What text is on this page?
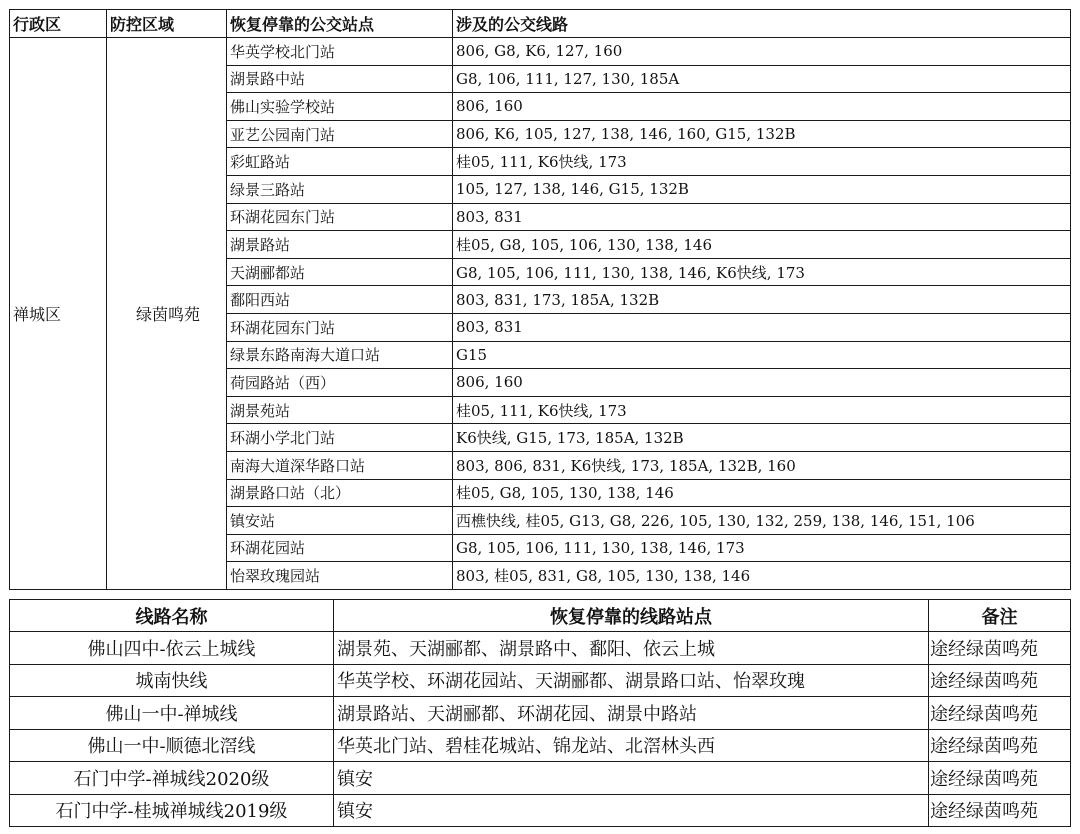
行政区	防控区域	恢复停靠的公交站点	涉及的公交线路
禅城区	绿茵鸣苑	华英学校北门站	806, G8, K6, 127, 160
		湖景路中站	G8, 106, 111, 127, 130, 185A
		佛山实验学校站	806, 160
		亚艺公园南门站	806, K6, 105, 127, 138, 146, 160, G15, 132B
		彩虹路站	桂05, 111, K6快线, 173
		绿景三路站	105, 127, 138, 146, G15, 132B
		环湖花园东门站	803, 831
		湖景路站	桂05, G8, 105, 106, 130, 138, 146
		天湖郦都站	G8, 105, 106, 111, 130, 138, 146, K6快线, 173
		鄱阳西站	803, 831, 173, 185A, 132B
		环湖花园东门站	803, 831
		绿景东路南海大道口站	G15
		荷园路站（西）	806, 160
		湖景苑站	桂05, 111, K6快线, 173
		环湖小学北门站	K6快线, G15, 173, 185A, 132B
		南海大道深华路口站	803, 806, 831, K6快线, 173, 185A, 132B, 160
		湖景路口站（北）	桂05, G8, 105, 130, 138, 146
		镇安站	西樵快线, 桂05, G13, G8, 226, 105, 130, 132, 259, 138, 146, 151, 106
		环湖花园站	G8, 105, 106, 111, 130, 138, 146, 173
		怡翠玫瑰园站	803, 桂05, 831, G8, 105, 130, 138, 146
线路名称	恢复停靠的线路站点	备注
佛山四中-依云上城线	湖景苑、天湖郦都、湖景路中、鄱阳、依云上城	途经绿茵鸣苑
城南快线	华英学校、环湖花园站、天湖郦都、湖景路口站、怡翠玫瑰	途经绿茵鸣苑
佛山一中-禅城线	湖景路站、天湖郦都、环湖花园、湖景中路站	途经绿茵鸣苑
佛山一中-顺德北滘线	华英北门站、碧桂花城站、锦龙站、北滘林头西	途经绿茵鸣苑
石门中学-禅城线2020级	镇安	途经绿茵鸣苑
石门中学-桂城禅城线2019级	镇安	途经绿茵鸣苑
